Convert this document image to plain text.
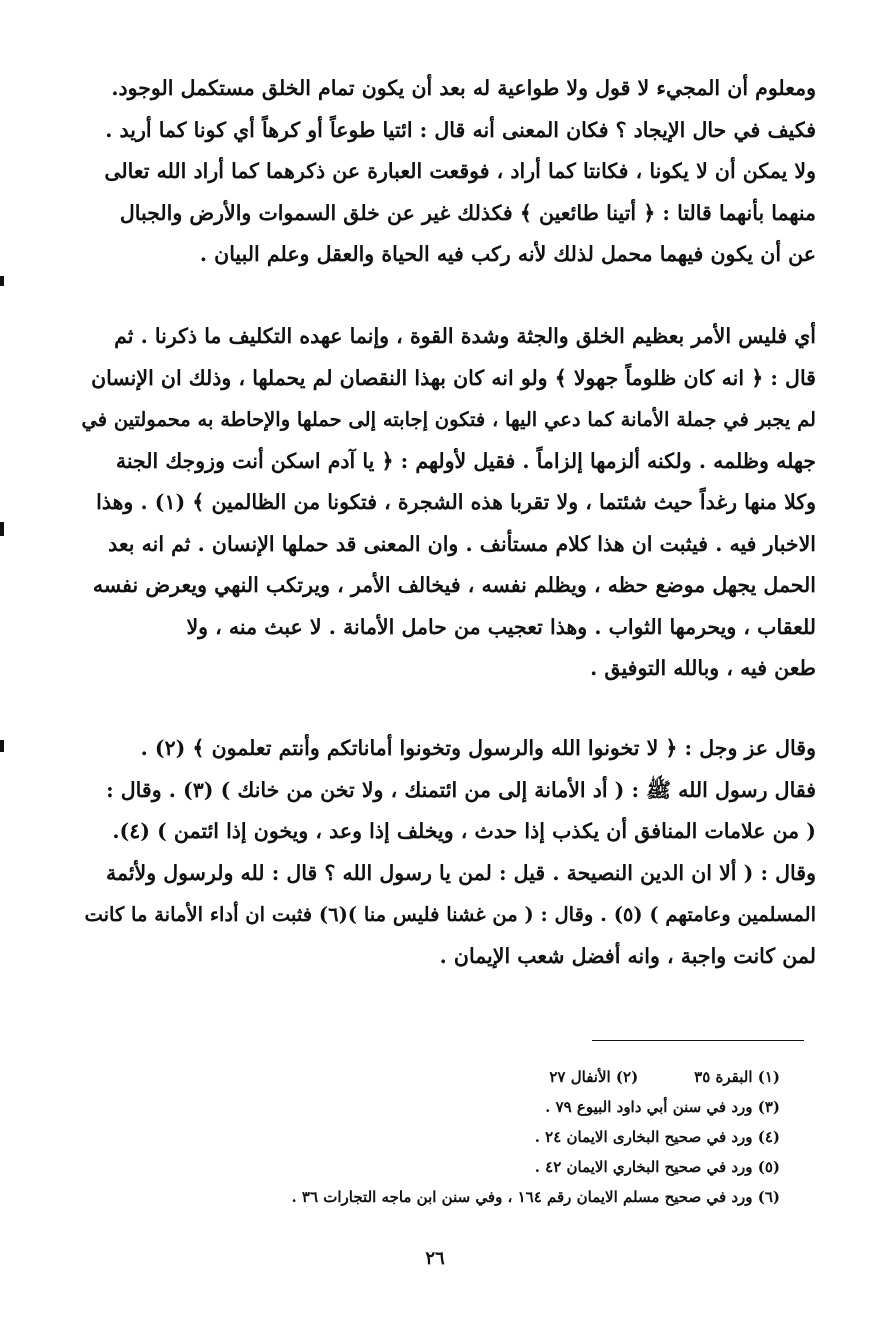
ومعلوم أن المجيء لا قول ولا طواعية له بعد أن يكون تمام الخلق مستكمل الوجود.
فكيف في حال الإيجاد ؟ فكان المعنى أنه قال : ائتيا طوعاً أو كرهاً أي كونا كما أريد .
ولا يمكن أن لا يكونا ، فكانتا كما أراد ، فوقعت العبارة عن ذكرهما كما أراد الله تعالى
منهما بأنهما قالتا : ﴿ أتينا طائعين ﴾ فكذلك غير عن خلق السموات والأرض والجبال
عن أن يكون فيهما محمل لذلك لأنه ركب فيه الحياة والعقل وعلم البيان .
أي فليس الأمر بعظيم الخلق والجثة وشدة القوة ، وإنما عهده التكليف ما ذكرنا . ثم
قال : ﴿ انه كان ظلوماً جهولا ﴾ ولو انه كان بهذا النقصان لم يحملها ، وذلك ان الإنسان
لم يجبر في جملة الأمانة كما دعي اليها ، فتكون إجابته إلى حملها والإحاطة به محمولتين في
جهله وظلمه . ولكنه ألزمها إلزاماً . فقيل لأولهم : ﴿ يا آدم اسكن أنت وزوجك الجنة
وكلا منها رغداً حيث شئتما ، ولا تقربا هذه الشجرة ، فتكونا من الظالمين ﴾ (١) . وهذا
الاخبار فيه . فيثبت ان هذا كلام مستأنف . وان المعنى قد حملها الإنسان . ثم انه بعد
الحمل يجهل موضع حظه ، ويظلم نفسه ، فيخالف الأمر ، ويرتكب النهي ويعرض نفسه
للعقاب ، ويحرمها الثواب . وهذا تعجيب من حامل الأمانة . لا عبث منه ، ولا
طعن فيه ، وبالله التوفيق .
وقال عز وجل : ﴿ لا تخونوا الله والرسول وتخونوا أماناتكم وأنتم تعلمون ﴾ (٢) .
فقال رسول الله ﷺ : ( أد الأمانة إلى من ائتمنك ، ولا تخن من خانك ) (٣) . وقال :
( من علامات المنافق أن يكذب إذا حدث ، ويخلف إذا وعد ، ويخون إذا ائتمن ) (٤).
وقال : ( ألا ان الدين النصيحة . قيل : لمن يا رسول الله ؟ قال : لله ولرسول ولأئمة
المسلمين وعامتهم ) (٥) . وقال : ( من غشنا فليس منا )(٦) فثبت ان أداء الأمانة ما كانت
لمن كانت واجبة ، وانه أفضل شعب الإيمان .
(١) البقرة ٣٥(٢) الأنفال ٢٧
(٣) ورد في سنن أبي داود البيوع ٧٩ .
(٤) ورد في صحيح البخارى الايمان ٢٤ .
(٥) ورد في صحيح البخاري الايمان ٤٢ .
(٦) ورد في صحيح مسلم الايمان رقم ١٦٤ ، وفي سنن ابن ماجه التجارات ٣٦ .
٢٦
